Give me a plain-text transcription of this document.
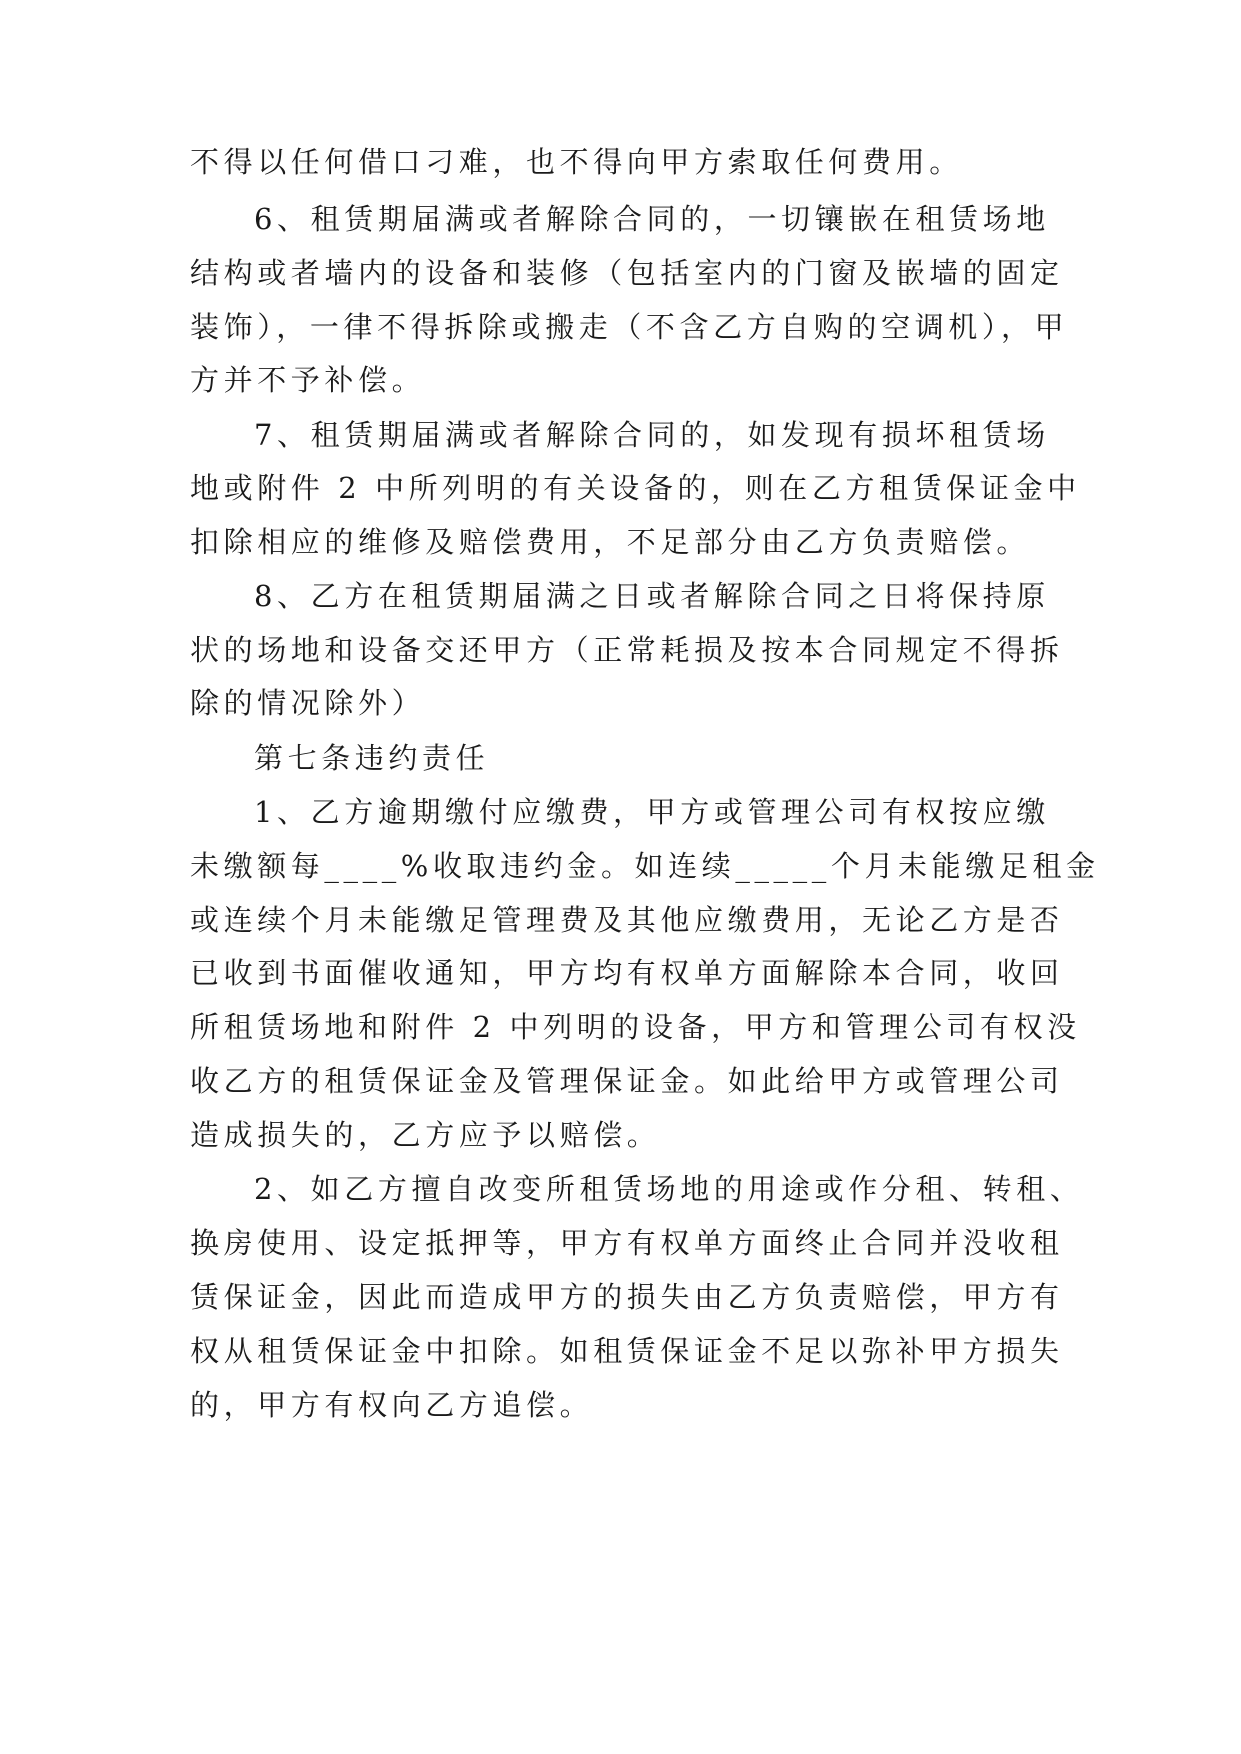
不得以任何借口刁难，也不得向甲方索取任何费用。

6、租赁期届满或者解除合同的，一切镶嵌在租赁场地

结构或者墙内的设备和装修（包括室内的门窗及嵌墙的固定

装饰），一律不得拆除或搬走（不含乙方自购的空调机），甲

方并不予补偿。

7、租赁期届满或者解除合同的，如发现有损坏租赁场

地或附件 2 中所列明的有关设备的，则在乙方租赁保证金中

扣除相应的维修及赔偿费用，不足部分由乙方负责赔偿。

8、乙方在租赁期届满之日或者解除合同之日将保持原

状的场地和设备交还甲方（正常耗损及按本合同规定不得拆

除的情况除外）

第七条违约责任

1、乙方逾期缴付应缴费，甲方或管理公司有权按应缴

未缴额每____%收取违约金。如连续_____个月未能缴足租金

或连续个月未能缴足管理费及其他应缴费用，无论乙方是否

已收到书面催收通知，甲方均有权单方面解除本合同，收回

所租赁场地和附件 2 中列明的设备，甲方和管理公司有权没

收乙方的租赁保证金及管理保证金。如此给甲方或管理公司

造成损失的，乙方应予以赔偿。

2、如乙方擅自改变所租赁场地的用途或作分租、转租、

换房使用、设定抵押等，甲方有权单方面终止合同并没收租

赁保证金，因此而造成甲方的损失由乙方负责赔偿，甲方有

权从租赁保证金中扣除。如租赁保证金不足以弥补甲方损失

的，甲方有权向乙方追偿。
